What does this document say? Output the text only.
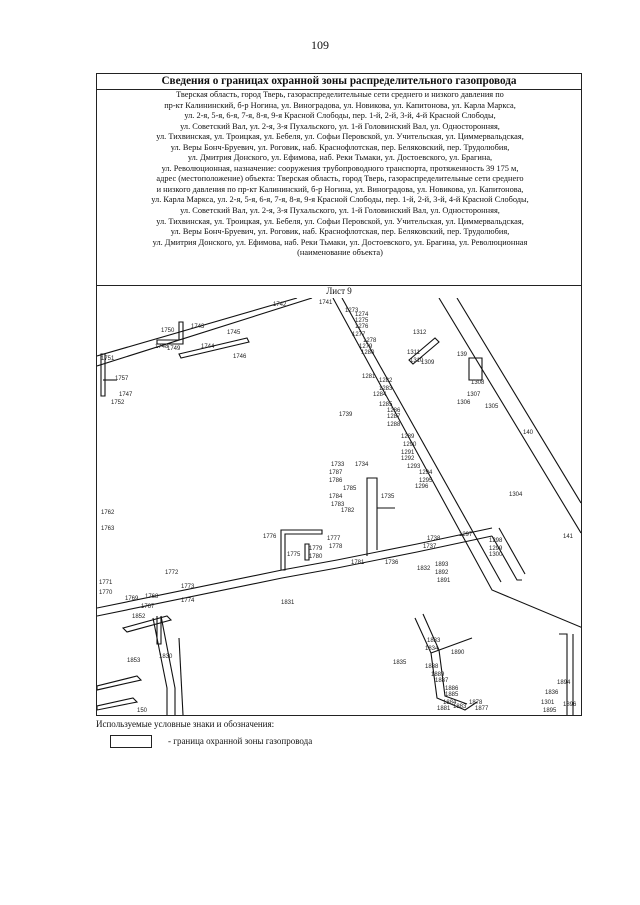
109
Сведения о границах охранной зоны распределительного газопровода
Тверская область, город Тверь, газораспределительные сети среднего и низкого давления по
пр-кт Калининский, б-р Ногина, ул. Виноградова, ул. Новикова, ул. Капитонова, ул. Карла Маркса,
ул. 2-я, 5-я, 6-я, 7-я, 8-я, 9-я Красной Слободы, пер. 1-й, 2-й, 3-й, 4-й Красной Слободы,
ул. Советский Вал, ул. 2-я, 3-я Пухальского, ул. 1-й Головинский Вал, ул. Односторонняя,
ул. Тихвинская, ул. Троицкая, ул. Бебеля, ул. Софьи Перовской, ул. Учительская, ул. Циммервальдская,
ул. Веры Бонч-Бруевич, ул. Роговик, наб. Краснофлотская, пер. Беляковский, пер. Трудолюбия,
ул. Дмитрия Донского, ул. Ефимова, наб. Реки Тьмаки, ул. Достоевского, ул. Брагина,
ул. Революционная, назначение: сооружения трубопроводного транспорта, протяженность 39 175 м,
адрес (местоположение) объекта: Тверская область, город Тверь, газораспределительные сети среднего
и низкого давления по пр-кт Калининский, б-р Ногина, ул. Виноградова, ул. Новикова, ул. Капитонова,
ул. Карла Маркса, ул. 2-я, 5-я, 6-я, 7-я, 8-я, 9-я Красной Слободы, пер. 1-й, 2-й, 3-й, 4-й Красной Слободы,
ул. Советский Вал, ул. 2-я, 3-я Пухальского, ул. 1-й Головинский Вал, ул. Односторонняя,
ул. Тихвинская, ул. Троицкая, ул. Бебеля, ул. Софьи Перовской, ул. Учительская, ул. Циммервальдская,
ул. Веры Бонч-Бруевич, ул. Роговик, наб. Краснофлотская, пер. Беляковский, пер. Трудолюбия,
ул. Дмитрия Донского, ул. Ефимова, наб. Реки Тьмаки, ул. Достоевского, ул. Брагина, ул. Революционная
(наименование объекта)
Лист 9
1742	1741
1273
1274
1275
1276
1277
1278
1279
1280
1750
1743
1745
1748
1749	1744
1746
1751
1757
1747
1752
1312
1311
1310
1309
139
1281
1282
1283
1284
1285
1286
1287
1288
1739
1308
1307
1306
1305
140
1289
1290
1291
1292
1293
1294
1295
1296
1733 1734
1787
1786
1785
1784
1783
1782
1735	1304
141
1762
1763
1776	1777
1778
1775
1779
1780
1781	1736
1738
1737
1297
1298
1299
1300
1832
1893
1892
1891
1772
1771
1773
1770
1769 1768
1767
1774	1831
1833
1834
1890
1853
1830
1835
1888
1889
1887
1886
1885
1884
1883
1881
1878
1877
1836
1894
1301
1895
1896
150
1852
Используемые условные знаки и обозначения:
- граница охранной зоны газопровода
